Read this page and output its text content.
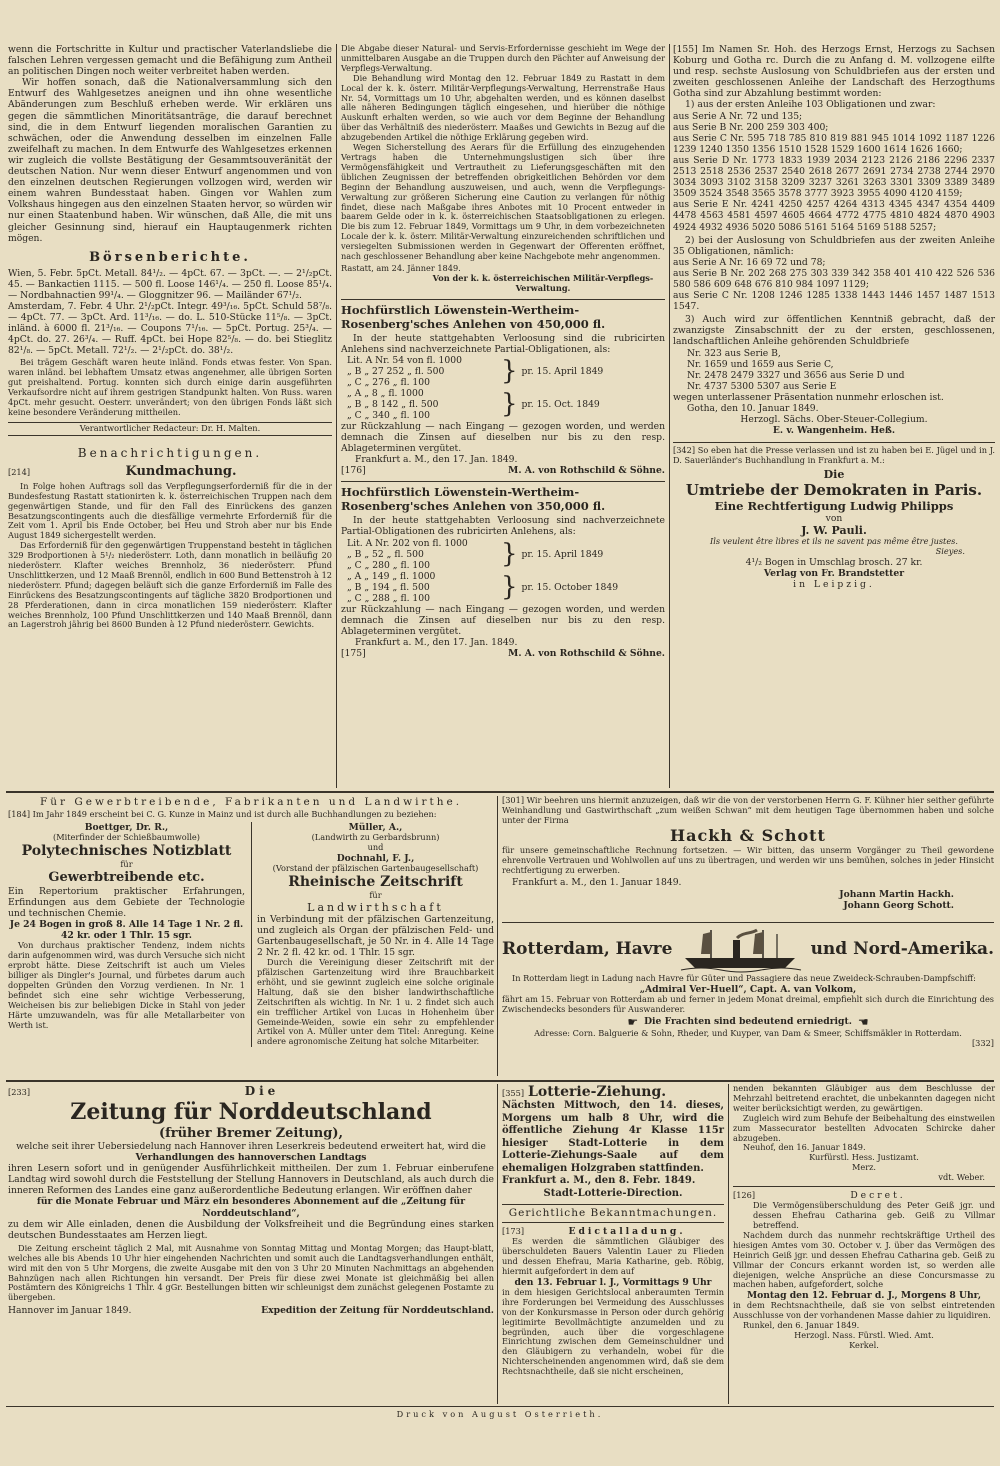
wenn die Fortschritte in Kultur und practischer Vaterlandsliebe die falschen Lehren vergessen gemacht und die Befähigung zum Antheil an politischen Dingen noch weiter verbreitet haben werden.

Wir hoffen sonach, daß die Nationalversammlung sich den Entwurf des Wahlgesetzes aneignen und ihn ohne wesentliche Abänderungen zum Beschluß erheben werde. Wir erklären uns gegen die sämmtlichen Minoritätsanträge, die darauf berechnet sind, die in dem Entwurf liegenden moralischen Garantien zu schwächen, oder die Anwendung desselben im einzelnen Falle zweifelhaft zu machen. In dem Entwurfe des Wahlgesetzes erkennen wir zugleich die vollste Bestätigung der Gesammtsouveränität der deutschen Nation. Nur wenn dieser Entwurf angenommen und von den einzelnen deutschen Regierungen vollzogen wird, werden wir einem wahren Bundesstaat haben. Gingen vor Wahlen zum Volkshaus hingegen aus den einzelnen Staaten hervor, so würden wir nur einen Staatenbund haben. Wir wünschen, daß Alle, die mit uns gleicher Gesinnung sind, hierauf ein Hauptaugenmerk richten mögen.

Börsenberichte.

Wien, 5. Febr. 5pCt. Metall. 84¹/₂. — 4pCt. 67. — 3pCt. —. — 2¹/₂pCt. 45. — Bankactien 1115. — 500 fl. Loose 146¹/₄. — 250 fl. Loose 85¹/₄. — Nordbahnactien 99¹/₄. — Gloggnitzer 96. — Mailänder 67¹/₂.

Amsterdam, 7. Febr. 4 Uhr. 2¹/₂pCt. Integr. 49³/₁₆. 5pCt. Schuld 58⁷/₈. — 4pCt. 77. — 3pCt. Ard. 11³/₁₆. — do. L. 510-Stücke 11⁵/₈. — 3pCt. inländ. à 6000 fl. 21³/₁₆. — Coupons 7¹/₁₆. — 5pCt. Portug. 25³/₄. — 4pCt. do. 27. 26³/₄. — Ruff. 4pCt. bei Hope 82⁵/₈. — do. bei Stieglitz 82¹/₈. — 5pCt. Metall. 72¹/₂. — 2¹/₂pCt. do. 38¹/₂.

Bei trägem Geschäft waren heute inländ. Fonds etwas fester. Von Span. waren inländ. bei lebhaftem Umsatz etwas angenehmer, alle übrigen Sorten gut preishaltend. Portug. konnten sich durch einige darin ausgeführten Verkaufsordre nicht auf ihrem gestrigen Standpunkt halten. Von Russ. waren 4pCt. mehr gesucht. Oesterr. unverändert; von den übrigen Fonds läßt sich keine besondere Veränderung mittheilen.

Verantwortlicher Redacteur: Dr. H. Malten.

Benachrichtigungen.

[214]	Kundmachung.

In Folge hohen Auftrags soll das Verpflegungserforderniß für die in der Bundesfestung Rastatt stationirten k. k. österreichischen Truppen nach dem gegenwärtigen Stande, und für den Fall des Einrückens des ganzen Besatzungscontingents auch die diesfällige vermehrte Erforderniß für die Zeit vom 1. April bis Ende October, bei Heu und Stroh aber nur bis Ende August 1849 sichergestellt werden.

Das Erforderniß für den gegenwärtigen Truppenstand besteht in täglichen 329 Brodportionen à 5¹/₂ niederösterr. Loth, dann monatlich in beiläufig 20 niederösterr. Klafter weiches Brennholz, 36 niederösterr. Pfund Unschlittkerzen, und 12 Maaß Brennöl, endlich in 600 Bund Bettenstroh à 12 niederösterr. Pfund; dagegen beläuft sich die ganze Erforderniß im Falle des Einrückens des Besatzungscontingents auf tägliche 3820 Brodportionen und 28 Pferderationen, dann in circa monatlichen 159 niederösterr. Klafter weiches Brennholz, 100 Pfund Unschlittkerzen und 140 Maaß Brennöl, dann an Lagerstroh jährig bei 8600 Bunden à 12 Pfund niederösterr. Gewichts.

Die Abgabe dieser Natural- und Servis-Erfordernisse geschieht im Wege der unmittelbaren Ausgabe an die Truppen durch den Pächter auf Anweisung der Verpflegs-Verwaltung.

Die Behandlung wird Montag den 12. Februar 1849 zu Rastatt in dem Local der k. k. österr. Militär-Verpflegungs-Verwaltung, Herrenstraße Haus Nr. 54, Vormittags um 10 Uhr, abgehalten werden, und es können daselbst alle näheren Bedingungen täglich eingesehen, und hierüber die nöthige Auskunft erhalten werden, so wie auch vor dem Beginne der Behandlung über das Verhältniß des niederösterr. Maaßes und Gewichts in Bezug auf die abzugebenden Artikel die nöthige Erklärung gegeben wird.

Wegen Sicherstellung des Aerars für die Erfüllung des einzugehenden Vertrags haben die Unternehmungslustigen sich über ihre Vermögensfähigkeit und Vertrautheit zu Lieferungsgeschäften mit den üblichen Zeugnissen der betreffenden obrigkeitlichen Behörden vor dem Beginn der Behandlung auszuweisen, und auch, wenn die Verpflegungs-Verwaltung zur größeren Sicherung eine Caution zu verlangen für nöthig findet, diese nach Maßgabe ihres Anbotes mit 10 Procent entweder in baarem Gelde oder in k. k. österreichischen Staatsobligationen zu erlegen. Die bis zum 12. Februar 1849, Vormittags um 9 Uhr, in dem vorbezeichneten Locale der k. k. österr. Militär-Verwaltung einzureichenden schriftlichen und versiegelten Submissionen werden in Gegenwart der Offerenten eröffnet, nach geschlossener Behandlung aber keine Nachgebote mehr angenommen.

Rastatt, am 24. Jänner 1849.

Von der k. k. österreichischen Militär-Verpflegs-Verwaltung.

Hochfürstlich Löwenstein-Wertheim-Rosenberg'sches Anlehen von 450,000 fl.

In der heute stattgehabten Verloosung sind die rubricirten Anlehens sind nachverzeichnete Partial-Obligationen, als:

Lit. A Nr. 54 von fl. 1000
„ B „ 27 252 „ fl. 500
„ C „ 276 „ fl. 100	} pr. 15. April 1849
„ A „ 8 „ fl. 1000
„ B „ 8 142 „ fl. 500
„ C „ 340 „ fl. 100	} pr. 15. Oct. 1849

zur Rückzahlung — nach Eingang — gezogen worden, und werden demnach die Zinsen auf dieselben nur bis zu den resp. Ablageterminen vergütet.

Frankfurt a. M., den 17. Jan. 1849.

[176]	M. A. von Rothschild & Söhne.

Hochfürstlich Löwenstein-Wertheim-Rosenberg'sches Anlehen von 350,000 fl.

In der heute stattgehabten Verloosung sind nachverzeichnete Partial-Obligationen des rubricirten Anlehens, als:

Lit. A Nr. 202 von fl. 1000
„ B „ 52 „ fl. 500
„ C „ 280 „ fl. 100	} pr. 15. April 1849
„ A „ 149 „ fl. 1000
„ B „ 194 „ fl. 500
„ C „ 288 „ fl. 100	} pr. 15. October 1849

zur Rückzahlung — nach Eingang — gezogen worden, und werden demnach die Zinsen auf dieselben nur bis zu den resp. Ablageterminen vergütet.

Frankfurt a. M., den 17. Jan. 1849.

[175]	M. A. von Rothschild & Söhne.

[155] Im Namen Sr. Hoh. des Herzogs Ernst, Herzogs zu Sachsen Koburg und Gotha rc. Durch die zu Anfang d. M. vollzogene eilfte und resp. sechste Auslosung von Schuldbriefen aus der ersten und zweiten geschlossenen Anleihe der Landschaft des Herzogthums Gotha sind zur Abzahlung bestimmt worden:

1) aus der ersten Anleihe 103 Obligationen und zwar:

aus Serie A Nr. 72 und 135;

aus Serie B Nr. 200 259 303 400;

aus Serie C Nr. 595 718 785 810 819 881 945 1014 1092 1187 1226 1239 1240 1350 1356 1510 1528 1529 1600 1614 1626 1660;

aus Serie D Nr. 1773 1833 1939 2034 2123 2126 2186 2296 2337 2513 2518 2536 2537 2540 2618 2677 2691 2734 2738 2744 2970 3034 3093 3102 3158 3209 3237 3261 3263 3301 3309 3389 3489 3509 3524 3548 3565 3578 3777 3923 3955 4090 4120 4159;

aus Serie E Nr. 4241 4250 4257 4264 4313 4345 4347 4354 4409 4478 4563 4581 4597 4605 4664 4772 4775 4810 4824 4870 4903 4924 4932 4936 5020 5086 5161 5164 5169 5188 5257;

2) bei der Auslosung von Schuldbriefen aus der zweiten Anleihe 35 Obligationen, nämlich:

aus Serie A Nr. 16 69 72 und 78;

aus Serie B Nr. 202 268 275 303 339 342 358 401 410 422 526 536 580 586 609 648 676 810 984 1097 1129;

aus Serie C Nr. 1208 1246 1285 1338 1443 1446 1457 1487 1513 1547.

3) Auch wird zur öffentlichen Kenntniß gebracht, daß der zwanzigste Zinsabschnitt der zu der ersten, geschlossenen, landschaftlichen Anleihe gehörenden Schuldbriefe

Nr. 323 aus Serie B,

Nr. 1659 und 1659 aus Serie C,

Nr. 2478 2479 3327 und 3656 aus Serie D und

Nr. 4737 5300 5307 aus Serie E

wegen unterlassener Präsentation nunmehr erloschen ist.

Gotha, den 10. Januar 1849.

Herzogl. Sächs. Ober-Steuer-Collegium.

E. v. Wangenheim. Heß.

[342] So eben hat die Presse verlassen und ist zu haben bei E. Jügel und in J. D. Sauerländer's Buchhandlung in Frankfurt a. M.:

Die

Umtriebe der Demokraten in Paris.

Eine Rechtfertigung Ludwig Philipps

von

J. W. Pauli.

Ils veulent être libres et ils ne savent pas même être justes.

Sieyes.

4¹/₂ Bogen in Umschlag brosch. 27 kr.

Verlag von Fr. Brandstetter

in Leipzig.

Für Gewerbtreibende, Fabrikanten und Landwirthe.

[184] Im Jahr 1849 erscheint bei C. G. Kunze in Mainz und ist durch alle Buchhandlungen zu beziehen:

Boettger, Dr. R.,

(Miterfinder der Schießbaumwolle)

Polytechnisches Notizblatt

für

Gewerbtreibende etc.

Ein Repertorium praktischer Erfahrungen, Erfindungen aus dem Gebiete der Technologie und technischen Chemie.

Je 24 Bogen in groß 8. Alle 14 Tage 1 Nr. 2 fl. 42 kr. oder 1 Thlr. 15 sgr.

Von durchaus praktischer Tendenz, indem nichts darin aufgenommen wird, was durch Versuche sich nicht erprobt hätte. Diese Zeitschrift ist auch um Vieles billiger als Dingler's Journal, und fürbetes darum auch doppelten Gründen den Vorzug verdienen. In Nr. 1 befindet sich eine sehr wichtige Verbesserung, Weicheisen bis zur beliebigen Dicke in Stahl von jeder Härte umzuwandeln, was für alle Metallarbeiter von Werth ist.

Müller, A.,

(Landwirth zu Gerbardsbrunn)

und

Dochnahl, F. J.,

(Vorstand der pfälzischen Gartenbaugesellschaft)

Rheinische Zeitschrift

für

Landwirthschaft

in Verbindung mit der pfälzischen Gartenzeitung, und zugleich als Organ der pfälzischen Feld- und Gartenbaugesellschaft, je 50 Nr. in 4. Alle 14 Tage 2 Nr. 2 fl. 42 kr. od. 1 Thlr. 15 sgr.

Durch die Vereinigung dieser Zeitschrift mit der pfälzischen Gartenzeitung wird ihre Brauchbarkeit erhöht, und sie gewinnt zugleich eine solche originale Haltung, daß sie den bisher landwirthschaftliche Zeitschriften als wichtig. In Nr. 1 u. 2 findet sich auch ein trefflicher Artikel von Lucas in Hohenheim über Gemeinde-Weiden, sowie ein sehr zu empfehlender Artikel von A. Müller unter dem Titel: Anregung. Keine andere agronomische Zeitung hat solche Mitarbeiter.

[301] Wir beehren uns hiermit anzuzeigen, daß wir die von der verstorbenen Herrn G. F. Kühner hier seither geführte Weinhandlung und Gastwirthschaft „zum weißen Schwan“ mit dem heutigen Tage übernommen haben und solche unter der Firma

Hackh & Schott

für unsere gemeinschaftliche Rechnung fortsetzen. — Wir bitten, das unserm Vorgänger zu Theil gewordene ehrenvolle Vertrauen und Wohlwollen auf uns zu übertragen, und werden wir uns bemühen, solches in jeder Hinsicht rechtfertigung zu erwerben.

Frankfurt a. M., den 1. Januar 1849.

Johann Martin Hackh.

Johann Georg Schott.

Rotterdam, Havre	und Nord-Amerika.

In Rotterdam liegt in Ladung nach Havre für Güter und Passagiere das neue Zweideck-Schrauben-Dampfschiff:

„Admiral Ver-Huell“, Capt. A. van Volkom,

fährt am 15. Februar von Rotterdam ab und ferner in jedem Monat dreimal, empfiehlt sich durch die Einrichtung des Zwischendecks besonders für Auswanderer.

☛ Die Frachten sind bedeutend erniedrigt. ☚

Adresse: Corn. Balguerie & Sohn, Rheder, und Kuyper, van Dam & Smeer, Schiffsmäkler in Rotterdam.

[332]

[233]	Die

Zeitung für Norddeutschland

(früher Bremer Zeitung),

welche seit ihrer Uebersiedelung nach Hannover ihren Leserkreis bedeutend erweitert hat, wird die

Verhandlungen des hannoverschen Landtags

ihren Lesern sofort und in genügender Ausführlichkeit mittheilen. Der zum 1. Februar einberufene Landtag wird sowohl durch die Feststellung der Stellung Hannovers in Deutschland, als auch durch die inneren Reformen des Landes eine ganz außerordentliche Bedeutung erlangen. Wir eröffnen daher

für die Monate Februar und März ein besonderes Abonnement auf die „Zeitung für Norddeutschland“,

zu dem wir Alle einladen, denen die Ausbildung der Volksfreiheit und die Begründung eines starken deutschen Bundesstaates am Herzen liegt.

Die Zeitung erscheint täglich 2 Mal, mit Ausnahme von Sonntag Mittag und Montag Morgen; das Haupt-blatt, welches alle bis Abends 10 Uhr hier eingehenden Nachrichten und somit auch die Landtagsverhandlungen enthält, wird mit den von 5 Uhr Morgens, die zweite Ausgabe mit den von 3 Uhr 20 Minuten Nachmittags an abgehenden Bahnzügen nach allen Richtungen hin versandt. Der Preis für diese zwei Monate ist gleichmäßig bei allen Postämtern des Königreichs 1 Thlr. 4 gGr. Bestellungen bitten wir schleunigst dem zunächst gelegenen Postamte zu übergeben.

Hannover im Januar 1849.	Expedition der Zeitung für Norddeutschland.
[355] Lotterie-Ziehung.

Nächsten Mittwoch, den 14. dieses, Morgens um halb 8 Uhr, wird die öffentliche Ziehung 4r Klasse 115r hiesiger Stadt-Lotterie in dem Lotterie-Ziehungs-Saale auf dem ehemaligen Holzgraben stattfinden.

Frankfurt a. M., den 8. Febr. 1849.

Stadt-Lotterie-Direction.

Gerichtliche Bekanntmachungen.

[173]	Edictalladung.

Es werden die sämmtlichen Gläubiger des überschuldeten Bauers Valentin Lauer zu Flieden und dessen Ehefrau, Maria Katharine, geb. Röbig, hiermit aufgefordert in dem auf

den 13. Februar l. J., Vormittags 9 Uhr

in dem hiesigen Gerichtslocal anberaumten Termin ihre Forderungen bei Vermeidung des Ausschlusses von der Konkursmasse in Person oder durch gehörig legitimirte Bevollmächtigte anzumelden und zu begründen, auch über die vorgeschlagene Einrichtung zwischen dem Gemeinschuldner und den Gläubigern zu verhandeln, wobei für die Nichterscheinenden angenommen wird, daß sie dem Rechtsnachtheile, daß sie nicht erscheinen,

nenden bekannten Gläubiger aus dem Beschlusse der Mehrzahl beitretend erachtet, die unbekannten dagegen nicht weiter berücksichtigt werden, zu gewärtigen.

Zugleich wird zum Behufe der Beibehaltung des einstweilen zum Massecurator bestellten Advocaten Schircke daher abzugeben.

Neuhof, den 16. Januar 1849.

Kurfürstl. Hess. Justizamt.

Merz.

vdt. Weber.

[126]	Decret.

Die Vermögensüberschuldung des Peter Geiß jgr. und dessen Ehefrau Catharina geb. Geiß zu Villmar betreffend.

Nachdem durch das nunmehr rechtskräftige Urtheil des hiesigen Amtes vom 30. October v. J. über das Vermögen des Heinrich Geiß jgr. und dessen Ehefrau Catharina geb. Geiß zu Villmar der Concurs erkannt worden ist, so werden alle diejenigen, welche Ansprüche an diese Concursmasse zu machen haben, aufgefordert, solche

Montag den 12. Februar d. J., Morgens 8 Uhr,

in dem Rechtsnachtheile, daß sie von selbst eintretenden Ausschlusse von der vorhandenen Masse dahier zu liquidiren.

Runkel, den 6. Januar 1849.

Herzogl. Nass. Fürstl. Wied. Amt.

Kerkel.

Druck von August Osterrieth.
